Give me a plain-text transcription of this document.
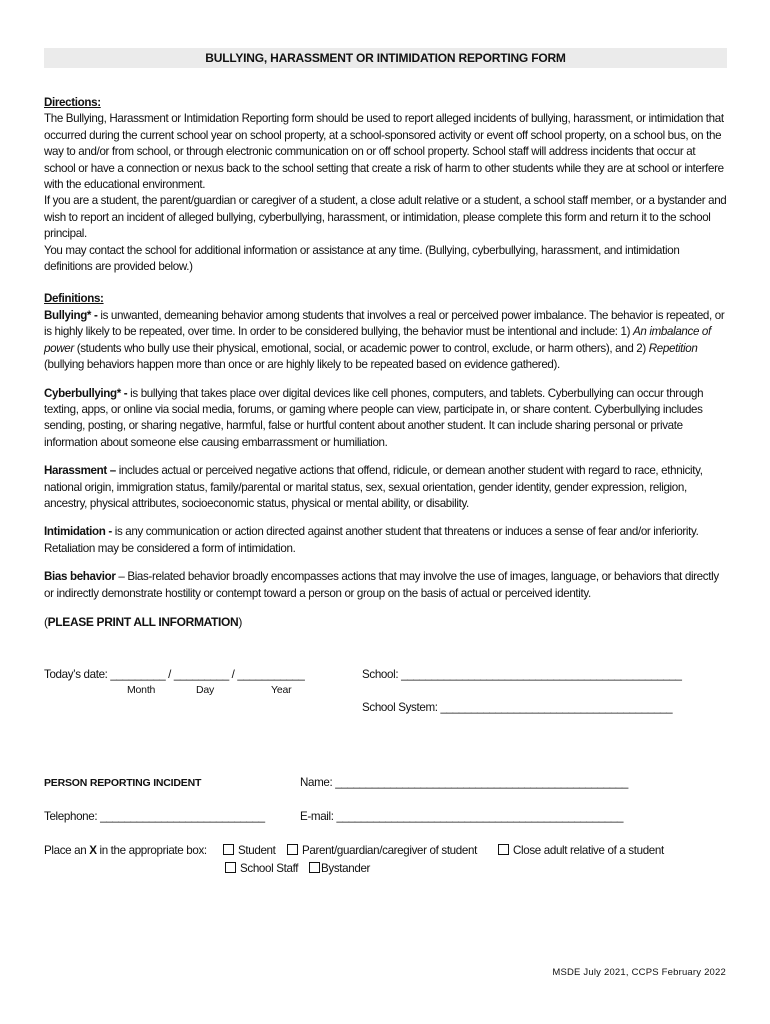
BULLYING, HARASSMENT OR INTIMIDATION REPORTING FORM
Directions:
The Bullying, Harassment or Intimidation Reporting form should be used to report alleged incidents of bullying, harassment, or intimidation that occurred during the current school year on school property, at a school-sponsored activity or event off school property, on a school bus, on the way to and/or from school, or through electronic communication on or off school property. School staff will address incidents that occur at school or have a connection or nexus back to the school setting that create a risk of harm to other students while they are at school or interfere with the educational environment.
If you are a student, the parent/guardian or caregiver of a student, a close adult relative or a student, a school staff member, or a bystander and wish to report an incident of alleged bullying, cyberbullying, harassment, or intimidation, please complete this form and return it to the school principal.
You may contact the school for additional information or assistance at any time. (Bullying, cyberbullying, harassment, and intimidation definitions are provided below.)
Definitions:
Bullying* - is unwanted, demeaning behavior among students that involves a real or perceived power imbalance. The behavior is repeated, or is highly likely to be repeated, over time. In order to be considered bullying, the behavior must be intentional and include: 1) An imbalance of power (students who bully use their physical, emotional, social, or academic power to control, exclude, or harm others), and 2) Repetition (bullying behaviors happen more than once or are highly likely to be repeated based on evidence gathered).
Cyberbullying* - is bullying that takes place over digital devices like cell phones, computers, and tablets. Cyberbullying can occur through texting, apps, or online via social media, forums, or gaming where people can view, participate in, or share content. Cyberbullying includes sending, posting, or sharing negative, harmful, false or hurtful content about another student. It can include sharing personal or private information about someone else causing embarrassment or humiliation.
Harassment – includes actual or perceived negative actions that offend, ridicule, or demean another student with regard to race, ethnicity, national origin, immigration status, family/parental or marital status, sex, sexual orientation, gender identity, gender expression, religion, ancestry, physical attributes, socioeconomic status, physical or mental ability, or disability.
Intimidation - is any communication or action directed against another student that threatens or induces a sense of fear and/or inferiority. Retaliation may be considered a form of intimidation.
Bias behavior – Bias-related behavior broadly encompasses actions that may involve the use of images, language, or behaviors that directly or indirectly demonstrate hostility or contempt toward a person or group on the basis of actual or perceived identity.
(PLEASE PRINT ALL INFORMATION)
Today’s date: _________ / _________ / ___________
Month	Day	Year
School: ______________________________________________
School System: ______________________________________
PERSON REPORTING INCIDENT	Name: ________________________________________________
Telephone: ___________________________	E-mail: _______________________________________________
Place an X in the appropriate box:	Student	Parent/guardian/caregiver of student	Close adult relative of a student
School Staff	Bystander
MSDE July 2021, CCPS February 2022
